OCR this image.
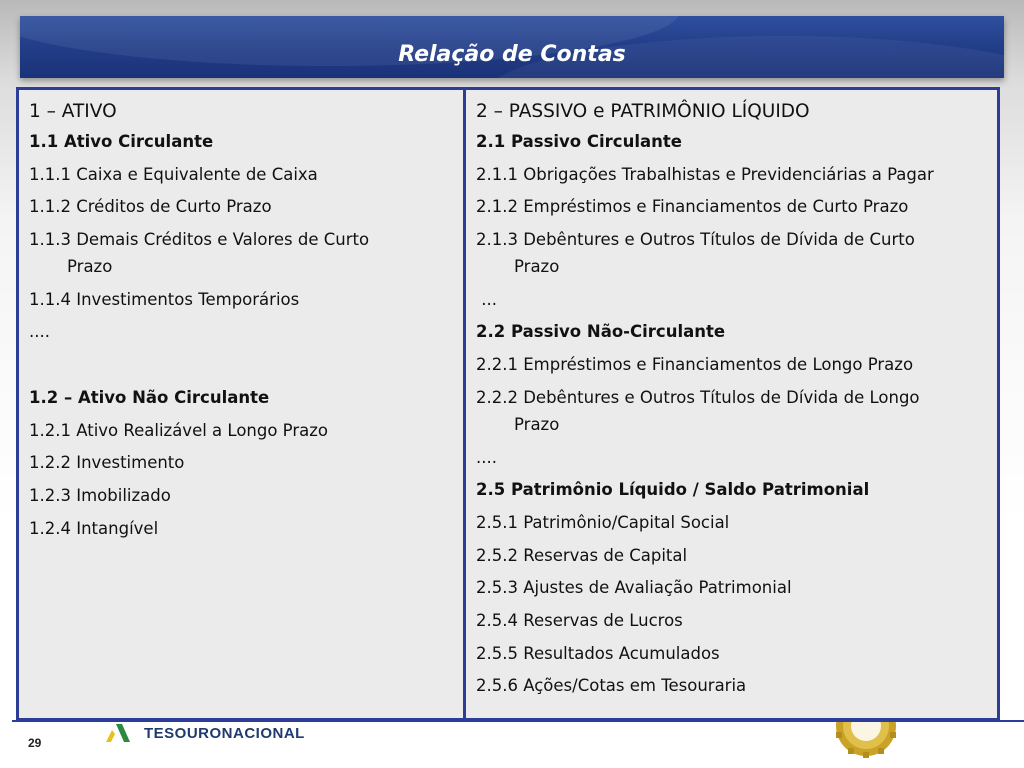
Relação de Contas
1 – ATIVO
1.1 Ativo Circulante
1.1.1 Caixa e Equivalente de Caixa
1.1.2 Créditos de Curto Prazo
1.1.3 Demais Créditos e Valores de Curto
Prazo
1.1.4 Investimentos Temporários
....
1.2 – Ativo Não Circulante
1.2.1 Ativo Realizável a Longo Prazo
1.2.2 Investimento
1.2.3 Imobilizado
1.2.4 Intangível
2 – PASSIVO e PATRIMÔNIO LÍQUIDO
2.1 Passivo Circulante
2.1.1 Obrigações Trabalhistas e Previdenciárias a Pagar
2.1.2 Empréstimos e Financiamentos de Curto Prazo
2.1.3 Debêntures e Outros Títulos de Dívida de Curto
Prazo
...
2.2 Passivo Não-Circulante
2.2.1 Empréstimos e Financiamentos de Longo Prazo
2.2.2 Debêntures e Outros Títulos de Dívida de Longo
Prazo
....
2.5 Patrimônio Líquido / Saldo Patrimonial
2.5.1 Patrimônio/Capital Social
2.5.2 Reservas de Capital
2.5.3 Ajustes de Avaliação Patrimonial
2.5.4 Reservas de Lucros
2.5.5 Resultados Acumulados
2.5.6 Ações/Cotas em Tesouraria
29
TESOURONACIONAL
